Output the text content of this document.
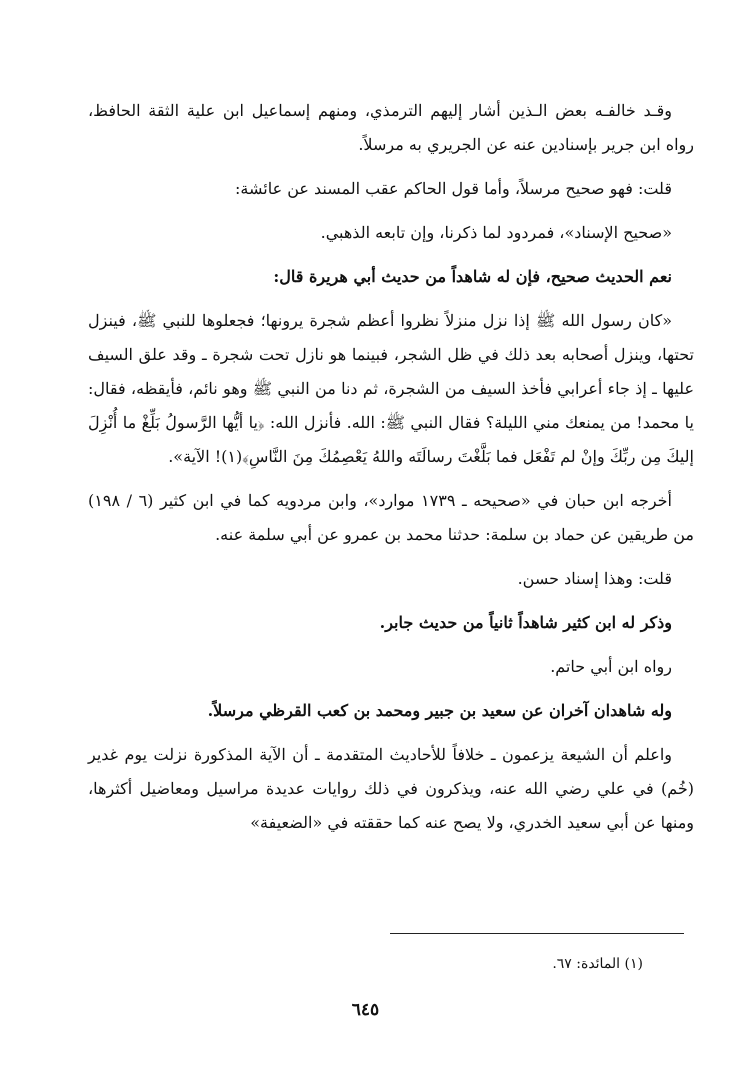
وقـد خالفـه بعض الـذين أشار إليهم الترمذي، ومنهم إسماعيل ابن علية الثقة الحافظ، رواه ابن جرير بإسنادين عنه عن الجريري به مرسلاً.

قلت: فهو صحيح مرسلاً، وأما قول الحاكم عقب المسند عن عائشة:

«صحيح الإسناد»، فمردود لما ذكرنا، وإن تابعه الذهبي.

نعم الحديث صحيح، فإن له شاهداً من حديث أبي هريرة قال:

«كان رسول الله ﷺ إذا نزل منزلاً نظروا أعظم شجرة يرونها؛ فجعلوها للنبي ﷺ، فينزل تحتها، وينزل أصحابه بعد ذلك في ظل الشجر، فبينما هو نازل تحت شجرة ـ وقد علق السيف عليها ـ إذ جاء أعرابي فأخذ السيف من الشجرة، ثم دنا من النبي ﷺ وهو نائم، فأيقظه، فقال: يا محمد! من يمنعك مني الليلة؟ فقال النبي ﷺ: الله. فأنزل الله: ﴿يا أيُّها الرَّسولُ بَلِّغْ ما أُنْزِلَ إليكَ مِن ربِّكَ وإنْ لم تَفْعَل فما بَلَّغْتَ رسالَتَه واللهُ يَعْصِمُكَ مِنَ النَّاسِ﴾(١)! الآية».

أخرجه ابن حبان في «صحيحه ـ ١٧٣٩ موارد»، وابن مردويه كما في ابن كثير (٦ / ١٩٨) من طريقين عن حماد بن سلمة: حدثنا محمد بن عمرو عن أبي سلمة عنه.

قلت: وهذا إسناد حسن.

وذكر له ابن كثير شاهداً ثانياً من حديث جابر.

رواه ابن أبي حاتم.

وله شاهدان آخران عن سعيد بن جبير ومحمد بن كعب القرظي مرسلاً.

واعلم أن الشيعة يزعمون ـ خلافاً للأحاديث المتقدمة ـ أن الآية المذكورة نزلت يوم غدير (خُم) في علي رضي الله عنه، ويذكرون في ذلك روايات عديدة مراسيل ومعاضيل أكثرها، ومنها عن أبي سعيد الخدري، ولا يصح عنه كما حققته في «الضعيفة»

(١) المائدة: ٦٧.
٦٤٥
